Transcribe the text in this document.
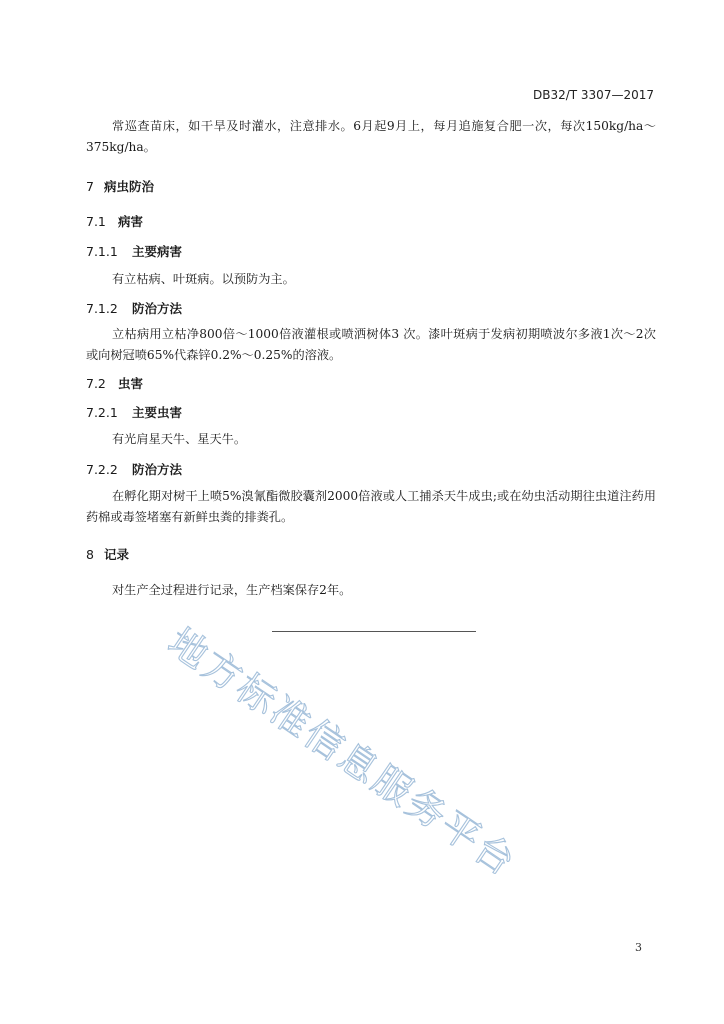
DB32/T 3307—2017
常巡查苗床，如干旱及时灌水，注意排水。6月起9月上，每月追施复合肥一次，每次150kg/ha～375kg/ha。
7 病虫防治
7.1 病害
7.1.1 主要病害
有立枯病、叶斑病。以预防为主。
7.1.2 防治方法
立枯病用立枯净800倍～1000倍液灌根或喷洒树体3 次。漆叶斑病于发病初期喷波尔多液1次～2次或向树冠喷65%代森锌0.2%～0.25%的溶液。
7.2 虫害
7.2.1 主要虫害
有光肩星天牛、星天牛。
7.2.2 防治方法
在孵化期对树干上喷5%溴氰酯微胶囊剂2000倍液或人工捕杀天牛成虫;或在幼虫活动期往虫道注药用药棉或毒签堵塞有新鲜虫粪的排粪孔。
8 记录
对生产全过程进行记录，生产档案保存2年。
地方标准信息服务平台
3
